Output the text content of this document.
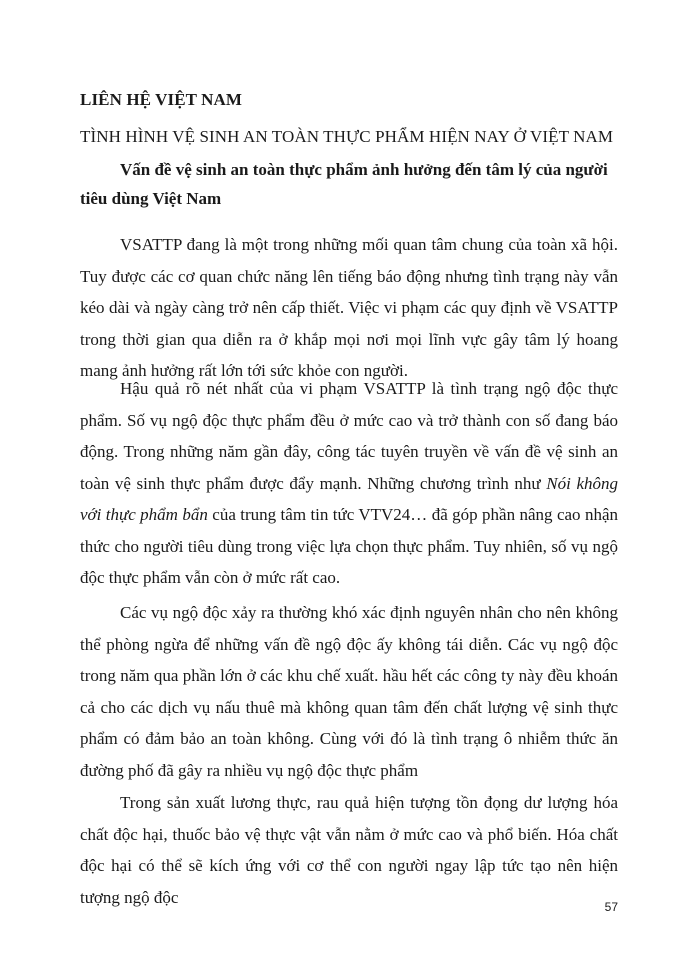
LIÊN HỆ VIỆT NAM
TÌNH HÌNH VỆ SINH AN TOÀN THỰC PHẨM HIỆN NAY Ở VIỆT NAM
Vấn đề vệ sinh an toàn thực phẩm ảnh hưởng đến tâm lý của người tiêu dùng Việt Nam
VSATTP đang là một trong những mối quan tâm chung của toàn xã hội. Tuy được các cơ quan chức năng lên tiếng báo động nhưng tình trạng này vẫn kéo dài và ngày càng trở nên cấp thiết. Việc vi phạm các quy định về VSATTP trong thời gian qua diễn ra ở khắp mọi nơi mọi lĩnh vực gây tâm lý hoang mang ảnh hưởng rất lớn tới sức khỏe con người.
Hậu quả rõ nét nhất của vi phạm VSATTP là tình trạng ngộ độc thực phẩm. Số vụ ngộ độc thực phẩm đều ở mức cao và trở thành con số đang báo động. Trong những năm gần đây, công tác tuyên truyền về vấn đề vệ sinh an toàn vệ sinh thực phẩm được đẩy mạnh. Những chương trình như Nói không với thực phẩm bẩn của trung tâm tin tức VTV24… đã góp phần nâng cao nhận thức cho người tiêu dùng trong việc lựa chọn thực phẩm. Tuy nhiên, số vụ ngộ độc thực phẩm vẫn còn ở mức rất cao.
Các vụ ngộ độc xảy ra thường khó xác định nguyên nhân cho nên không thể phòng ngừa để những vấn đề ngộ độc ấy không tái diễn. Các vụ ngộ độc trong năm qua phần lớn ở các khu chế xuất. hầu hết các công ty này đều khoán cả cho các dịch vụ nấu thuê mà không quan tâm đến chất lượng vệ sinh thực phẩm có đảm bảo an toàn không. Cùng với đó là tình trạng ô nhiễm thức ăn đường phố đã gây ra nhiều vụ ngộ độc thực phẩm
Trong sản xuất lương thực, rau quả hiện tượng tồn đọng dư lượng hóa chất độc hại, thuốc bảo vệ thực vật vẫn nằm ở mức cao và phổ biến. Hóa chất độc hại có thể sẽ kích ứng với cơ thể con người ngay lập tức tạo nên hiện tượng ngộ độc
57
